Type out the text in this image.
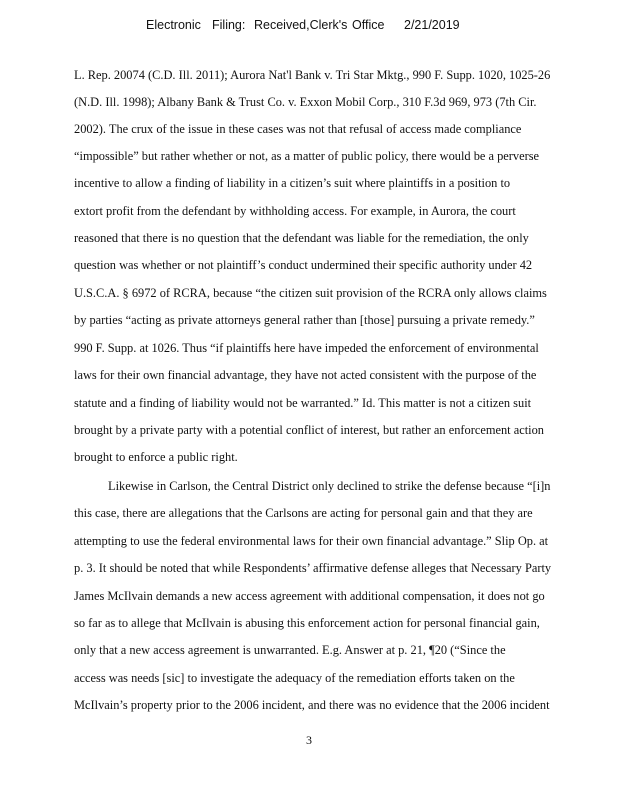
Electronic Filing: Received,Clerk's Office 2/21/2019
L. Rep. 20074 (C.D. Ill. 2011); Aurora Nat'l Bank v. Tri Star Mktg., 990 F. Supp. 1020, 1025-26
(N.D. Ill. 1998); Albany Bank & Trust Co. v. Exxon Mobil Corp., 310 F.3d 969, 973 (7th Cir.
2002). The crux of the issue in these cases was not that refusal of access made compliance
“impossible” but rather whether or not, as a matter of public policy, there would be a perverse
incentive to allow a finding of liability in a citizen’s suit where plaintiffs in a position to
extort profit from the defendant by withholding access. For example, in Aurora, the court
reasoned that there is no question that the defendant was liable for the remediation, the only
question was whether or not plaintiff’s conduct undermined their specific authority under 42
U.S.C.A. § 6972 of RCRA, because “the citizen suit provision of the RCRA only allows claims
by parties “acting as private attorneys general rather than [those] pursuing a private remedy.”
990 F. Supp. at 1026. Thus “if plaintiffs here have impeded the enforcement of environmental
laws for their own financial advantage, they have not acted consistent with the purpose of the
statute and a finding of liability would not be warranted.” Id. This matter is not a citizen suit
brought by a private party with a potential conflict of interest, but rather an enforcement action
brought to enforce a public right.
Likewise in Carlson, the Central District only declined to strike the defense because “[i]n
this case, there are allegations that the Carlsons are acting for personal gain and that they are
attempting to use the federal environmental laws for their own financial advantage.” Slip Op. at
p. 3. It should be noted that while Respondents’ affirmative defense alleges that Necessary Party
James McIlvain demands a new access agreement with additional compensation, it does not go
so far as to allege that McIlvain is abusing this enforcement action for personal financial gain,
only that a new access agreement is unwarranted. E.g. Answer at p. 21, ¶20 (“Since the
access was needs [sic] to investigate the adequacy of the remediation efforts taken on the
McIlvain’s property prior to the 2006 incident, and there was no evidence that the 2006 incident
3
